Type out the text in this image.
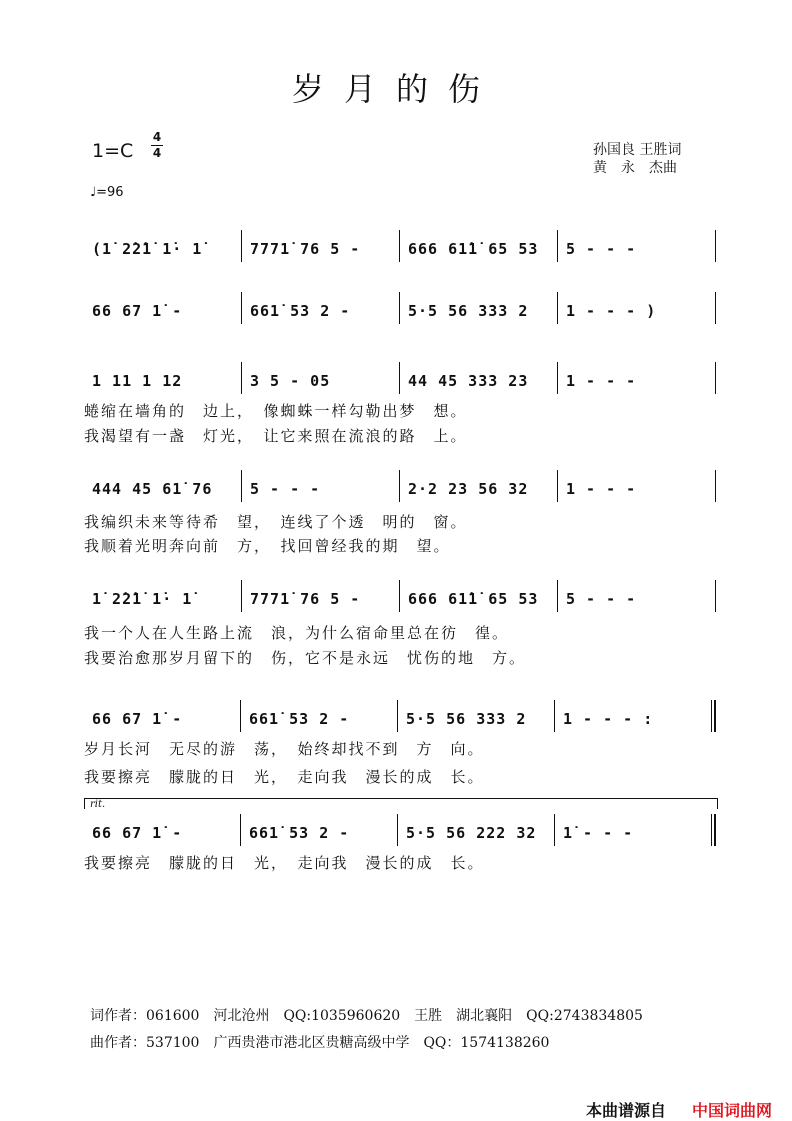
岁月的伤
1=C
4
4
♩=96
孙国良 王胜词
黄　永　杰曲
(1̇ 2̇2̇1̇ 1̇· 1̇	7771̇ 76 5 -	666 61̇1̇ 65 53	5 - - -
66 67 1̇ -	661̇ 53 2 -	5·5 56 333 2	1 - - - )
1 11 1 12	3 5 - 05	44 45 333 23	1 - - -
蜷缩在墙角的　边上，　像蜘蛛一样勾勒出梦　想。
我渴望有一盏　灯光，　让它来照在流浪的路　上。
444 45 61̇ 76	5 - - -	2·2 23 56 32	1 - - -
我编织未来等待希　望，　连线了个透　明的　窗。
我顺着光明奔向前　方，　找回曾经我的期　望。
1̇ 2̇2̇1̇ 1̇· 1̇	7771̇ 76 5 -	666 61̇1̇ 65 53	5 - - -
我一个人在人生路上流　浪，为什么宿命里总在彷　徨。
我要治愈那岁月留下的　伤，它不是永远　忧伤的地　方。
66 67 1̇ -	661̇ 53 2 -	5·5 56 333 2	1 - - - :
岁月长河　无尽的游　荡，　始终却找不到　方　向。
我要擦亮　朦胧的日　光，　走向我　漫长的成　长。
rit.
66 67 1̇ -	661̇ 53 2 -	5·5 56 222 32	1̇ - - -
我要擦亮　朦胧的日　光，　走向我　漫长的成　长。
词作者：061600　河北沧州　QQ:1035960620　王胜　湖北襄阳　QQ:2743834805
曲作者：537100　广西贵港市港北区贵糖高级中学　QQ：1574138260
本曲谱源自 中国词曲网
